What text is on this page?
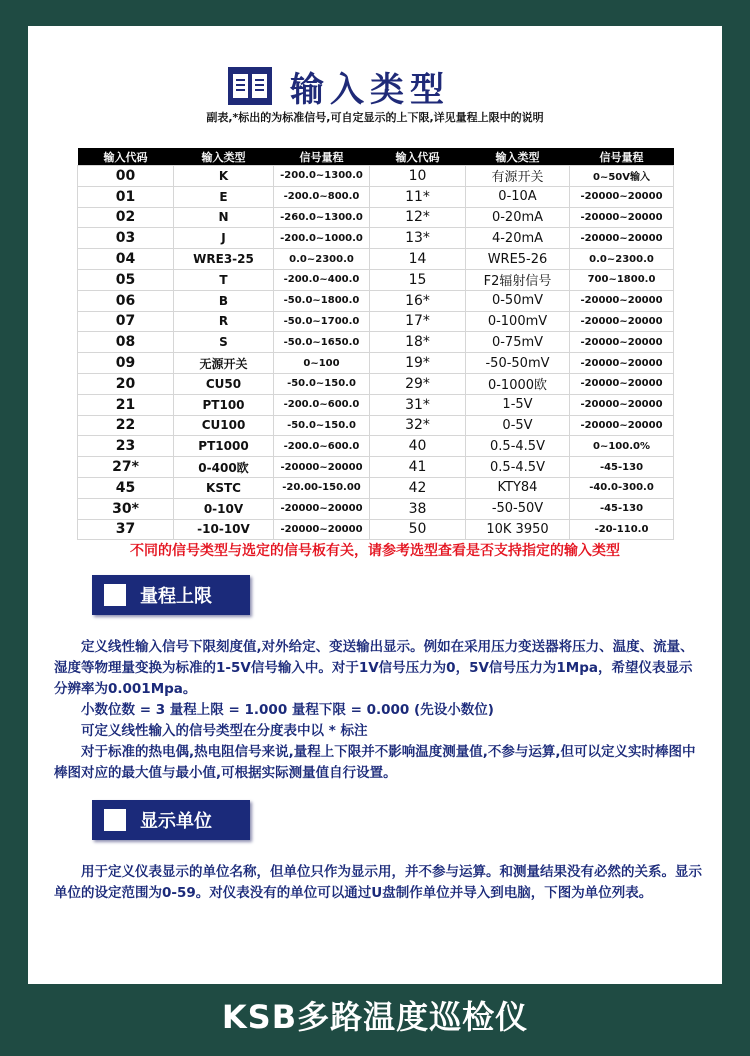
输入类型
副表,*标出的为标准信号,可自定显示的上下限,详见量程上限中的说明
输入代码	输入类型	信号量程	输入代码	输入类型	信号量程
00	K	-200.0~1300.0	10	有源开关	0~50V输入
01	E	-200.0~800.0	11*	0-10A	-20000~20000
02	N	-260.0~1300.0	12*	0-20mA	-20000~20000
03	J	-200.0~1000.0	13*	4-20mA	-20000~20000
04	WRE3-25	0.0~2300.0	14	WRE5-26	0.0~2300.0
05	T	-200.0~400.0	15	F2辐射信号	700~1800.0
06	B	-50.0~1800.0	16*	0-50mV	-20000~20000
07	R	-50.0~1700.0	17*	0-100mV	-20000~20000
08	S	-50.0~1650.0	18*	0-75mV	-20000~20000
09	无源开关	0~100	19*	-50-50mV	-20000~20000
20	CU50	-50.0~150.0	29*	0-1000欧	-20000~20000
21	PT100	-200.0~600.0	31*	1-5V	-20000~20000
22	CU100	-50.0~150.0	32*	0-5V	-20000~20000
23	PT1000	-200.0~600.0	40	0.5-4.5V	0~100.0%
27*	0-400欧	-20000~20000	41	0.5-4.5V	-45-130
45	KSTC	-20.00-150.00	42	KTY84	-40.0-300.0
30*	0-10V	-20000~20000	38	-50-50V	-45-130
37	-10-10V	-20000~20000	50	10K 3950	-20-110.0
不同的信号类型与选定的信号板有关，请参考选型查看是否支持指定的输入类型
量程上限
定义线性输入信号下限刻度值,对外给定、变送输出显示。例如在采用压力变送器将压力、温度、流量、湿度等物理量变换为标准的1-5V信号输入中。对于1V信号压力为0，5V信号压力为1Mpa，希望仪表显示分辨率为0.001Mpa。
小数位数 = 3 量程上限 = 1.000 量程下限 = 0.000 (先设小数位)
可定义线性输入的信号类型在分度表中以 * 标注
对于标准的热电偶,热电阻信号来说,量程上下限并不影响温度测量值,不参与运算,但可以定义实时棒图中棒图对应的最大值与最小值,可根据实际测量值自行设置。
显示单位
用于定义仪表显示的单位名称，但单位只作为显示用，并不参与运算。和测量结果没有必然的关系。显示单位的设定范围为0-59。对仪表没有的单位可以通过U盘制作单位并导入到电脑，下图为单位列表。
KSB多路温度巡检仪
